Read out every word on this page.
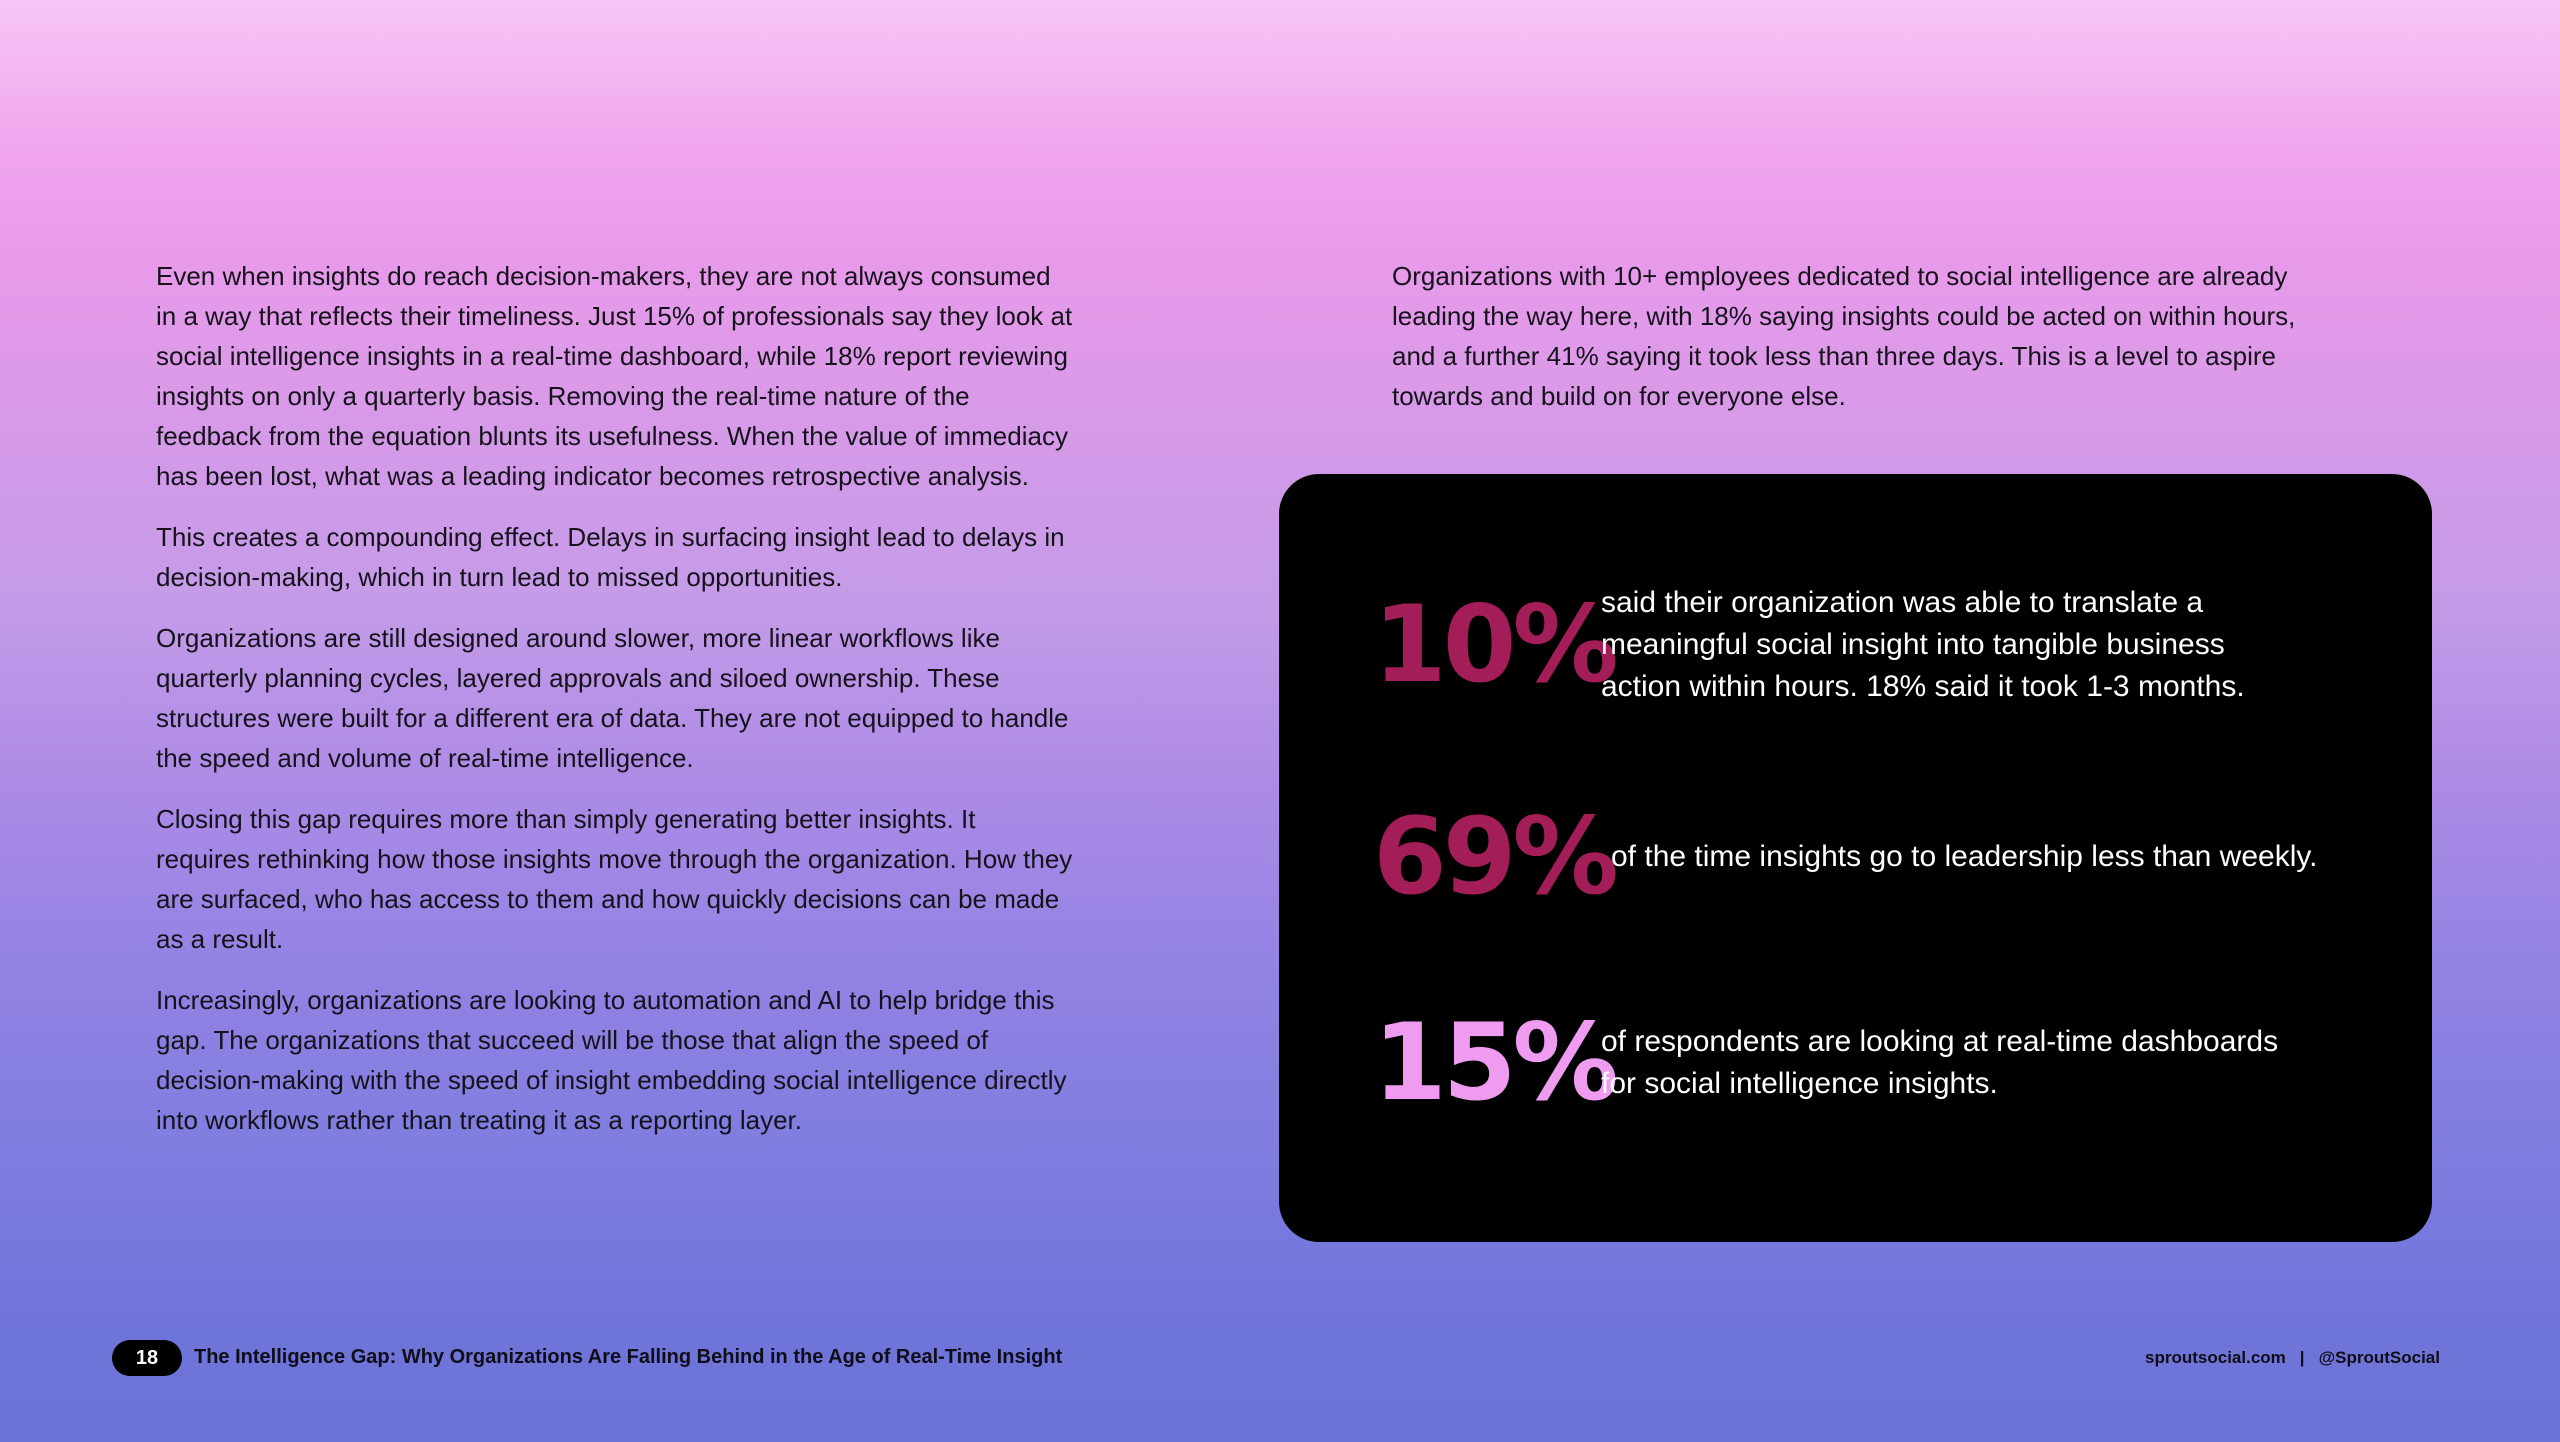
Even when insights do reach decision-makers, they are not always consumed in a way that reflects their timeliness. Just 15% of professionals say they look at social intelligence insights in a real-time dashboard, while 18% report reviewing insights on only a quarterly basis. Removing the real-time nature of the feedback from the equation blunts its usefulness. When the value of immediacy has been lost, what was a leading indicator becomes retrospective analysis.

This creates a compounding effect. Delays in surfacing insight lead to delays in decision-making, which in turn lead to missed opportunities.

Organizations are still designed around slower, more linear workflows like quarterly planning cycles, layered approvals and siloed ownership. These structures were built for a different era of data. They are not equipped to handle the speed and volume of real-time intelligence.

Closing this gap requires more than simply generating better insights. It requires rethinking how those insights move through the organization. How they are surfaced, who has access to them and how quickly decisions can be made as a result.

Increasingly, organizations are looking to automation and AI to help bridge this gap. The organizations that succeed will be those that align the speed of decision-making with the speed of insight embedding social intelligence directly into workflows rather than treating it as a reporting layer.

Organizations with 10+ employees dedicated to social intelligence are already leading the way here, with 18% saying insights could be acted on within hours, and a further 41% saying it took less than three days. This is a level to aspire towards and build on for everyone else.

10 %
said their organization was able to translate a meaningful social insight into tangible business action within hours. 18% said it took 1-3 months.
69 %
of the time insights go to leadership less than weekly.
15 %
of respondents are looking at real-time dashboards for social intelligence insights.
18	The Intelligence Gap: Why Organizations Are Falling Behind in the Age of Real-Time Insight	sproutsocial.com | @SproutSocial
